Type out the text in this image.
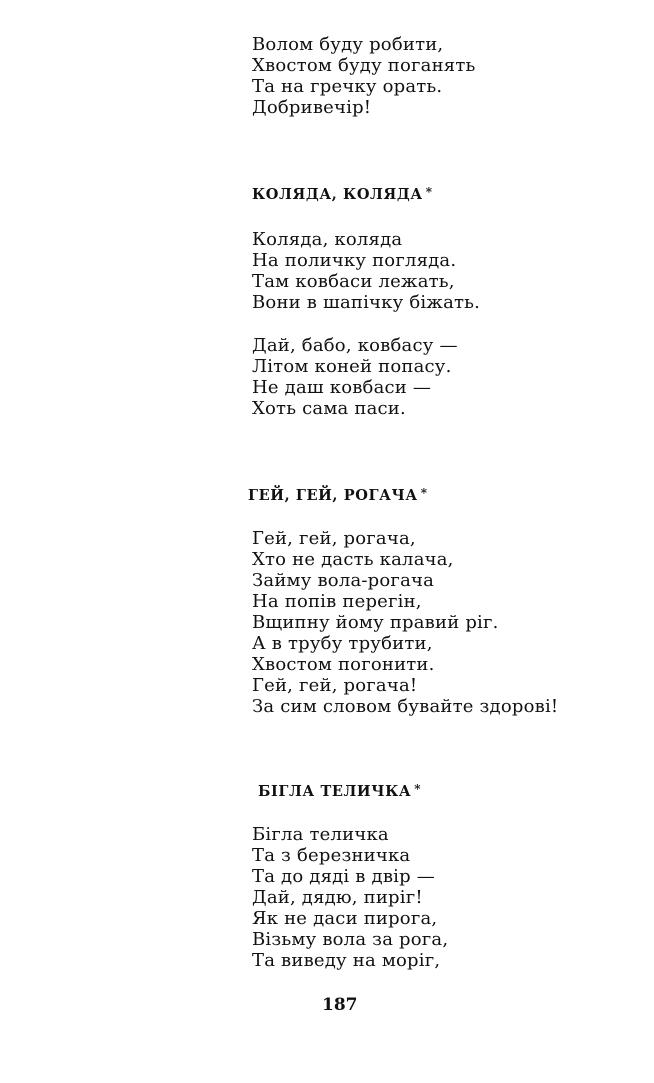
Волом буду робити,
Хвостом буду поганять
Та на гречку орать.
Добривечір!
КОЛЯДА, КОЛЯДА *
Коляда, коляда
На поличку погляда.
Там ковбаси лежать,
Вони в шапічку біжать.
Дай, бабо, ковбасу —
Літом коней попасу.
Не даш ковбаси —
Хоть сама паси.
ГЕЙ, ГЕЙ, РОГАЧА *
Гей, гей, рогача,
Хто не дасть калача,
Займу вола-рогача
На попів перегін,
Вщипну йому правий ріг.
А в трубу трубити,
Хвостом погонити.
Гей, гей, рогача!
За сим словом бувайте здорові!
БІГЛА ТЕЛИЧКА *
Бігла теличка
Та з березничка
Та до дяді в двір —
Дай, дядю, пиріг!
Як не даси пирога,
Візьму вола за рога,
Та виведу на моріг,
187
